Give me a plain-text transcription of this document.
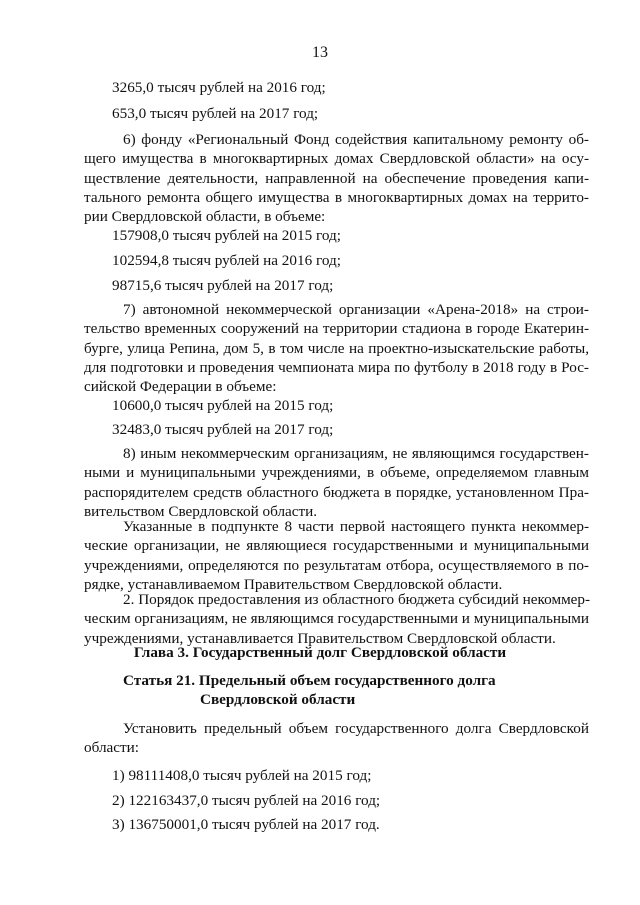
13
3265,0 тысяч рублей на 2016 год;
653,0 тысяч рублей на 2017 год;
6) фонду «Региональный Фонд содействия капитальному ремонту об-
щего имущества в многоквартирных домах Свердловской области» на осу-
ществление деятельности, направленной на обеспечение проведения капи-
тального ремонта общего имущества в многоквартирных домах на террито-
рии Свердловской области, в объеме:
157908,0 тысяч рублей на 2015 год;
102594,8 тысяч рублей на 2016 год;
98715,6 тысяч рублей на 2017 год;
7) автономной некоммерческой организации «Арена-2018» на строи-
тельство временных сооружений на территории стадиона в городе Екатерин-
бурге, улица Репина, дом 5, в том числе на проектно-изыскательские работы,
для подготовки и проведения чемпионата мира по футболу в 2018 году в Рос-
сийской Федерации в объеме:
10600,0 тысяч рублей на 2015 год;
32483,0 тысяч рублей на 2017 год;
8) иным некоммерческим организациям, не являющимся государствен-
ными и муниципальными учреждениями, в объеме, определяемом главным
распорядителем средств областного бюджета в порядке, установленном Пра-
вительством Свердловской области.
Указанные в подпункте 8 части первой настоящего пункта некоммер-
ческие организации, не являющиеся государственными и муниципальными
учреждениями, определяются по результатам отбора, осуществляемого в по-
рядке, устанавливаемом Правительством Свердловской области.
2. Порядок предоставления из областного бюджета субсидий некоммер-
ческим организациям, не являющимся государственными и муниципальными
учреждениями, устанавливается Правительством Свердловской области.
Глава 3. Государственный долг Свердловской области
Статья 21. Предельный объем государственного долга
Свердловской области
Установить предельный объем государственного долга Свердловской
области:
1) 98111408,0 тысяч рублей на 2015 год;
2) 122163437,0 тысяч рублей на 2016 год;
3) 136750001,0 тысяч рублей на 2017 год.
